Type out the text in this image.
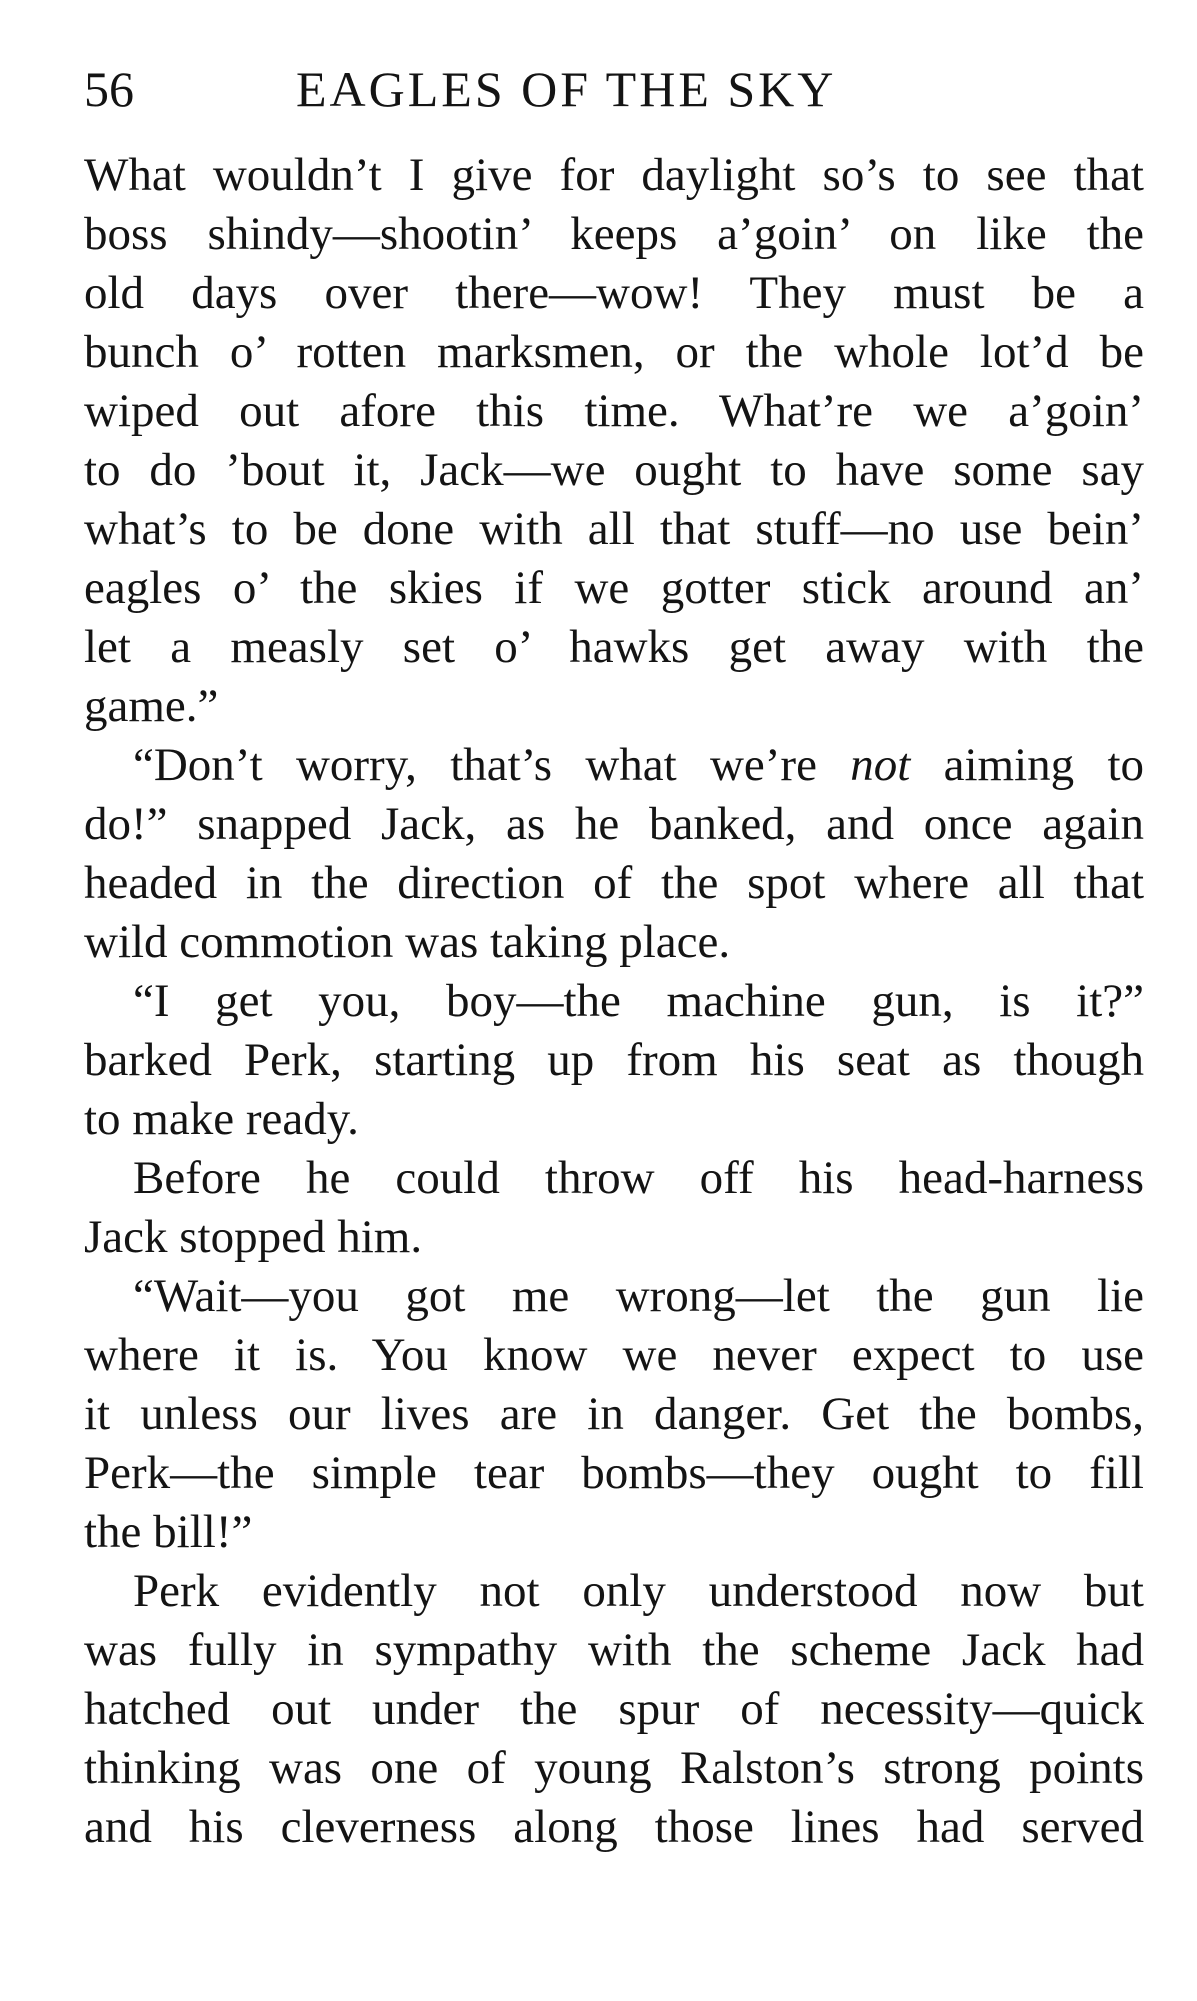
56	EAGLES OF THE SKY
What wouldn’t I give for daylight so’s to see that
boss shindy—shootin’ keeps a’goin’ on like the
old days over there—wow! They must be a
bunch o’ rotten marksmen, or the whole lot’d be
wiped out afore this time. What’re we a’goin’
to do ’bout it, Jack—we ought to have some say
what’s to be done with all that stuff—no use bein’
eagles o’ the skies if we gotter stick around an’
let a measly set o’ hawks get away with the
game.”
“Don’t worry, that’s what we’re not aiming to
do!” snapped Jack, as he banked, and once again
headed in the direction of the spot where all that
wild commotion was taking place.
“I get you, boy—the machine gun, is it?”
barked Perk, starting up from his seat as though
to make ready.
Before he could throw off his head-harness
Jack stopped him.
“Wait—you got me wrong—let the gun lie
where it is. You know we never expect to use
it unless our lives are in danger. Get the bombs,
Perk—the simple tear bombs—they ought to fill
the bill!”
Perk evidently not only understood now but
was fully in sympathy with the scheme Jack had
hatched out under the spur of necessity—quick
thinking was one of young Ralston’s strong points
and his cleverness along those lines had served
